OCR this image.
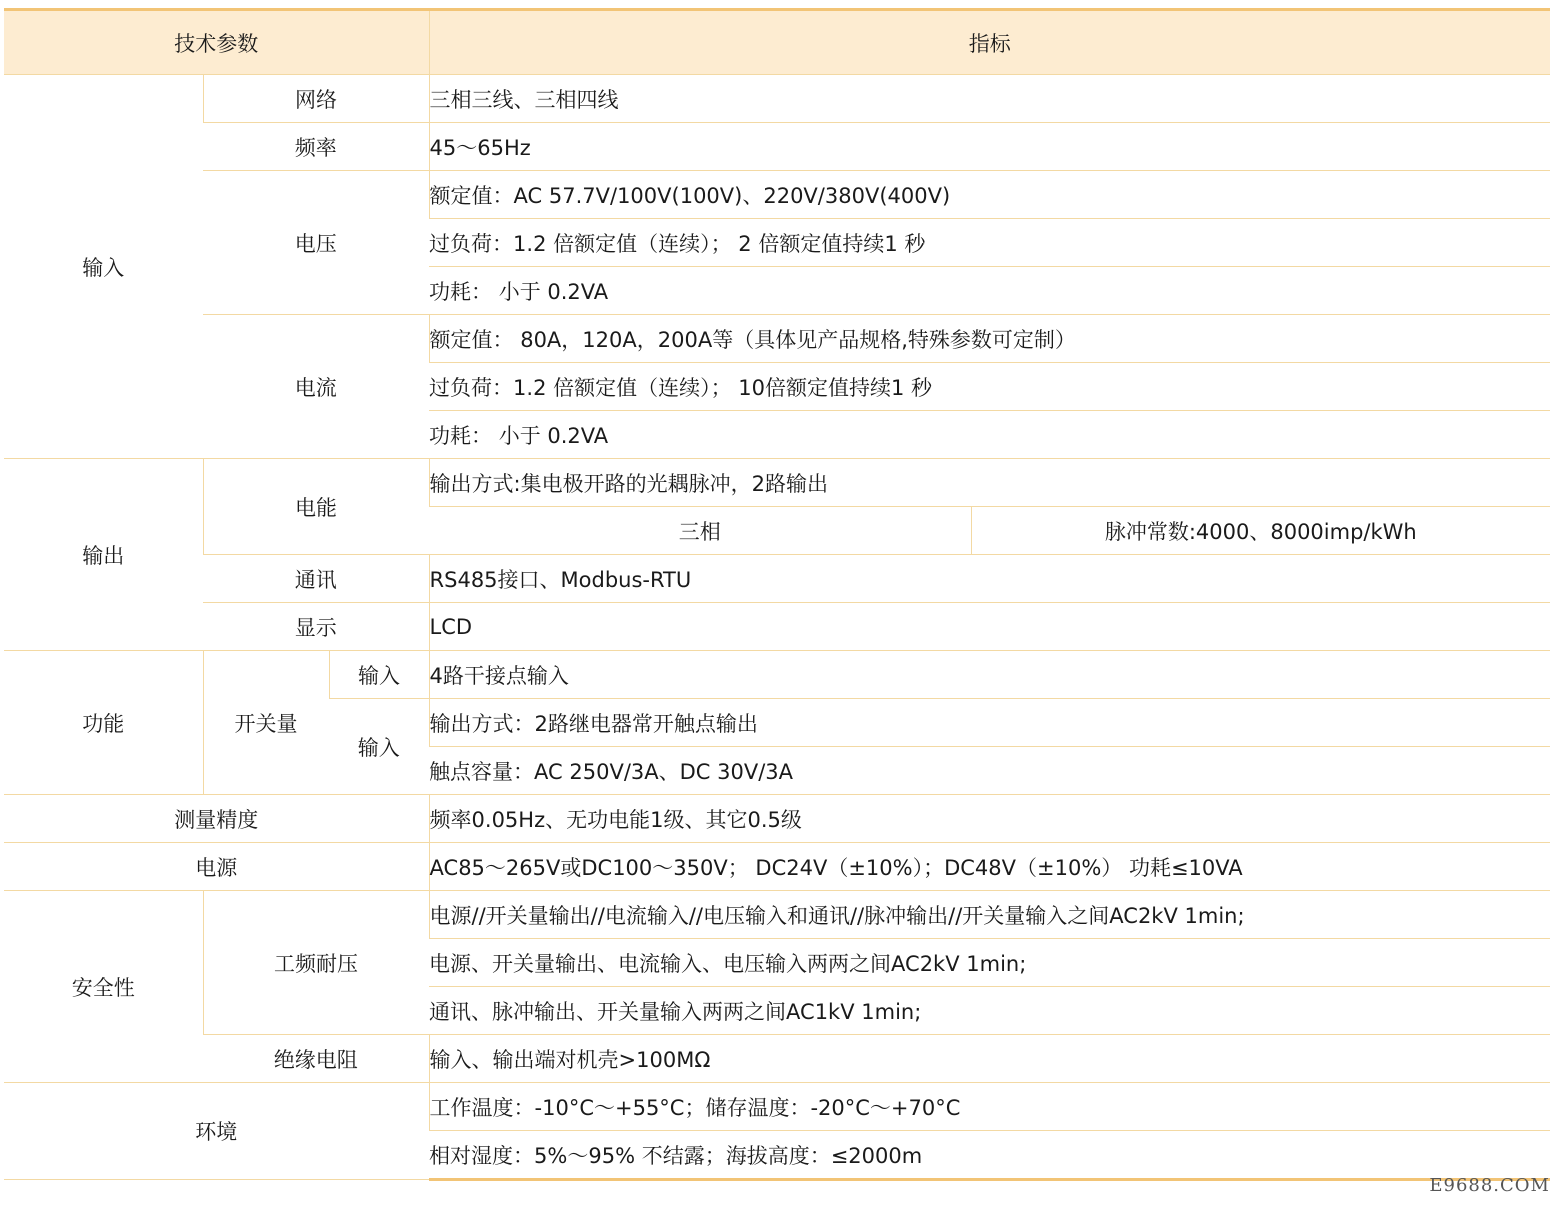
技术参数			指标	
输入	网络		三相三线、三相四线	
	频率		45～65Hz	
	电压		额定值：AC 57.7V/100V(100V)、220V/380V(400V)	
			过负荷：1.2 倍额定值（连续）； 2 倍额定值持续1 秒	
			功耗： 小于 0.2VA	
	电流		额定值： 80A，120A，200A等（具体见产品规格,特殊参数可定制）	
			过负荷：1.2 倍额定值（连续）； 10倍额定值持续1 秒	
			功耗： 小于 0.2VA	
输出	电能		输出方式:集电极开路的光耦脉冲，2路输出	
			三相	脉冲常数:4000、8000imp/kWh
	通讯		RS485接口、Modbus-RTU	
	显示		LCD	
功能	开关量	输入	4路干接点输入	
		输入	输出方式：2路继电器常开触点输出	
			触点容量：AC 250V/3A、DC 30V/3A	
测量精度			频率0.05Hz、无功电能1级、其它0.5级	
电源			AC85～265V或DC100～350V； DC24V（±10%）；DC48V（±10%） 功耗≤10VA	
安全性	工频耐压		电源//开关量输出//电流输入//电压输入和通讯//脉冲输出//开关量输入之间AC2kV 1min;	
			电源、开关量输出、电流输入、电压输入两两之间AC2kV 1min;	
			通讯、脉冲输出、开关量输入两两之间AC1kV 1min;	
	绝缘电阻		输入、输出端对机壳>100MΩ	
环境			工作温度：-10°C～+55°C；储存温度：-20°C～+70°C	
			相对湿度：5%～95% 不结露；海拔高度：≤2000m	
E9688.COM
